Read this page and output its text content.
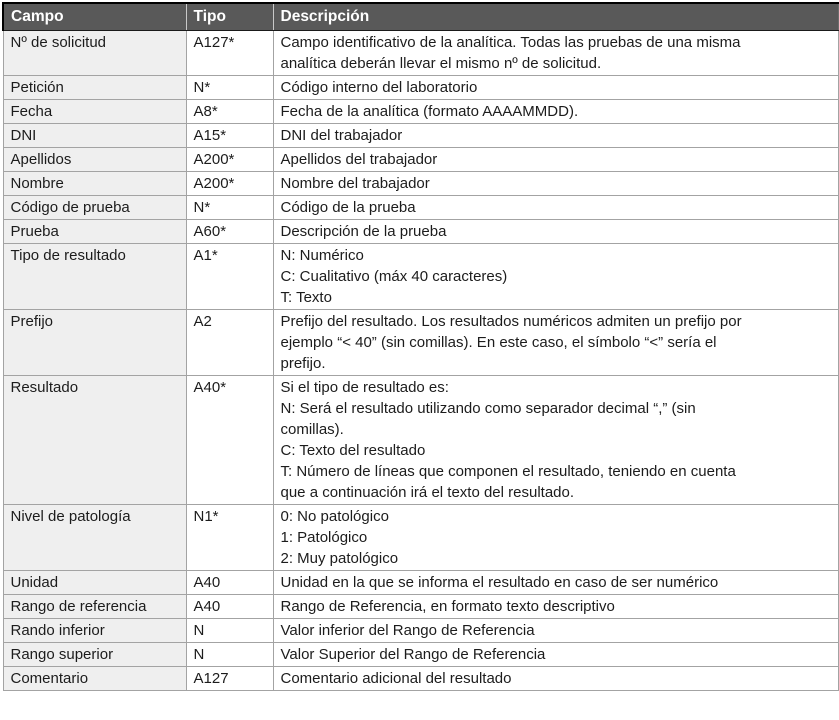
Campo	Tipo	Descripción
Nº de solicitud	A127*	Campo identificativo de la analítica. Todas las pruebas de una misma
analítica deberán llevar el mismo nº de solicitud.

Petición	N*	Código interno del laboratorio

Fecha	A8*	Fecha de la analítica (formato AAAAMMDD).

DNI	A15*	DNI del trabajador

Apellidos	A200*	Apellidos del trabajador

Nombre	A200*	Nombre del trabajador

Código de prueba	N*	Código de la prueba

Prueba	A60*	Descripción de la prueba

Tipo de resultado	A1*	N: Numérico
C: Cualitativo (máx 40 caracteres)
T: Texto

Prefijo	A2	Prefijo del resultado. Los resultados numéricos admiten un prefijo por
ejemplo “< 40” (sin comillas). En este caso, el símbolo “<” sería el
prefijo.

Resultado	A40*	Si el tipo de resultado es:
N: Será el resultado utilizando como separador decimal “,” (sin
comillas).
C: Texto del resultado
T: Número de líneas que componen el resultado, teniendo en cuenta
que a continuación irá el texto del resultado.

Nivel de patología	N1*	0: No patológico
1: Patológico
2: Muy patológico

Unidad	A40	Unidad en la que se informa el resultado en caso de ser numérico

Rango de referencia	A40	Rango de Referencia, en formato texto descriptivo

Rando inferior	N	Valor inferior del Rango de Referencia

Rango superior	N	Valor Superior del Rango de Referencia

Comentario	A127	Comentario adicional del resultado
